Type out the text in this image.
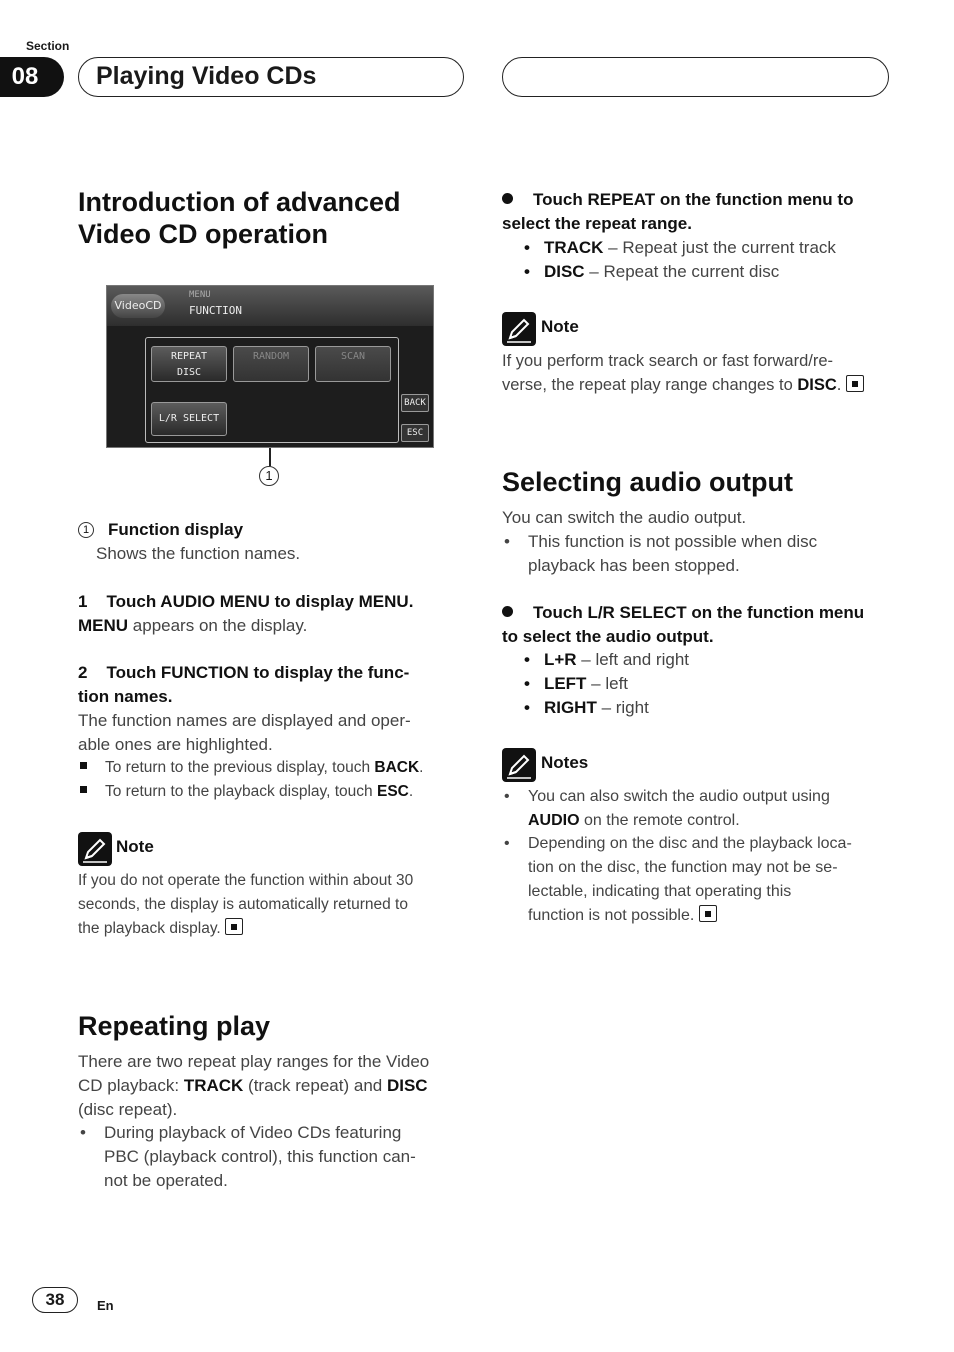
Section
08	Playing Video CDs
Introduction of advanced
Video CD operation
VideoCD
MENU
FUNCTION
REPEAT
DISC
RANDOM	SCAN
L/R SELECT
BACK
ESC
1
1 Function display
Shows the function names.
1 Touch AUDIO MENU to display MENU.
MENU appears on the display.
2 Touch FUNCTION to display the func-
tion names.
The function names are displayed and oper-
able ones are highlighted.
To return to the previous display, touch BACK.
To return to the playback display, touch ESC.
Note
If you do not operate the function within about 30
seconds, the display is automatically returned to
the playback display.
Repeating play
There are two repeat play ranges for the Video
CD playback: TRACK (track repeat) and DISC
(disc repeat).
•	During playback of Video CDs featuring
PBC (playback control), this function can-
not be operated.
Touch REPEAT on the function menu to
select the repeat range.
• TRACK – Repeat just the current track
• DISC – Repeat the current disc
Note
If you perform track search or fast forward/re-
verse, the repeat play range changes to DISC.
Selecting audio output
You can switch the audio output.
•	This function is not possible when disc
playback has been stopped.
Touch L/R SELECT on the function menu
to select the audio output.
• L+R – left and right
• LEFT – left
• RIGHT – right
Notes
•	You can also switch the audio output using
AUDIO on the remote control.
•	Depending on the disc and the playback loca-
tion on the disc, the function may not be se-
lectable, indicating that operating this
function is not possible.
38	En
